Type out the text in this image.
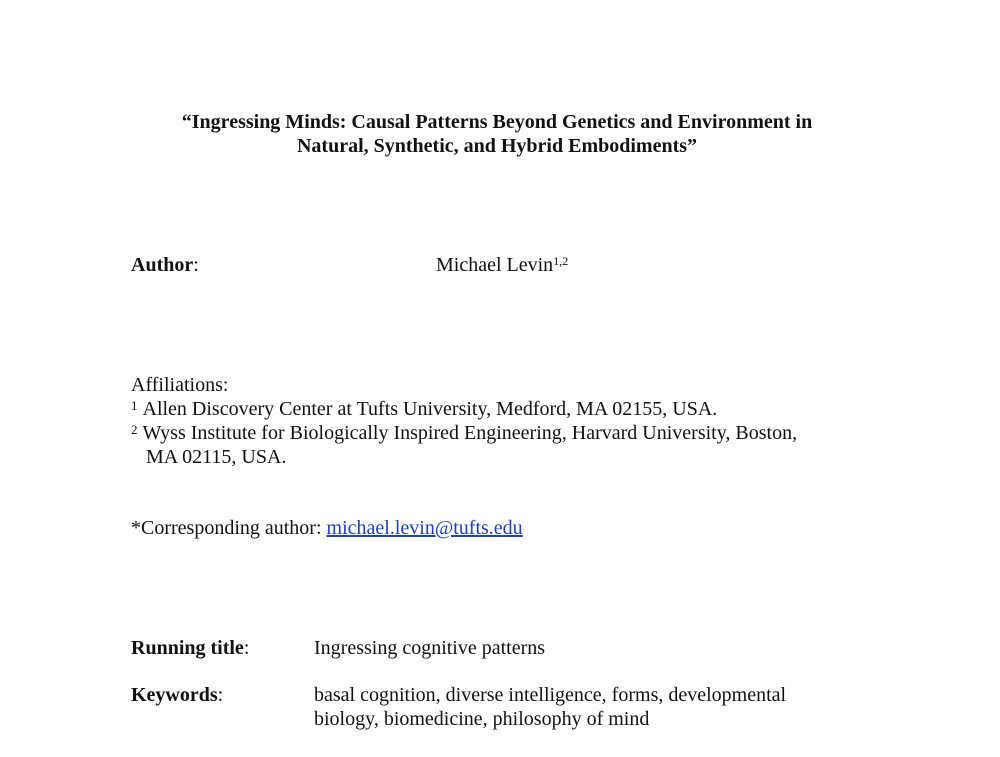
“Ingressing Minds: Causal Patterns Beyond Genetics and Environment in
Natural, Synthetic, and Hybrid Embodiments”
Author:	Michael Levin$^{1,2}$
Affiliations:
$^1$ Allen Discovery Center at Tufts University, Medford, MA 02155, USA.
$^2$ Wyss Institute for Biologically Inspired Engineering, Harvard University, Boston,
MA 02115, USA.
*Corresponding author: michael.levin@tufts.edu
Running title:	Ingressing cognitive patterns
Keywords:	basal cognition, diverse intelligence, forms, developmental
biology, biomedicine, philosophy of mind
